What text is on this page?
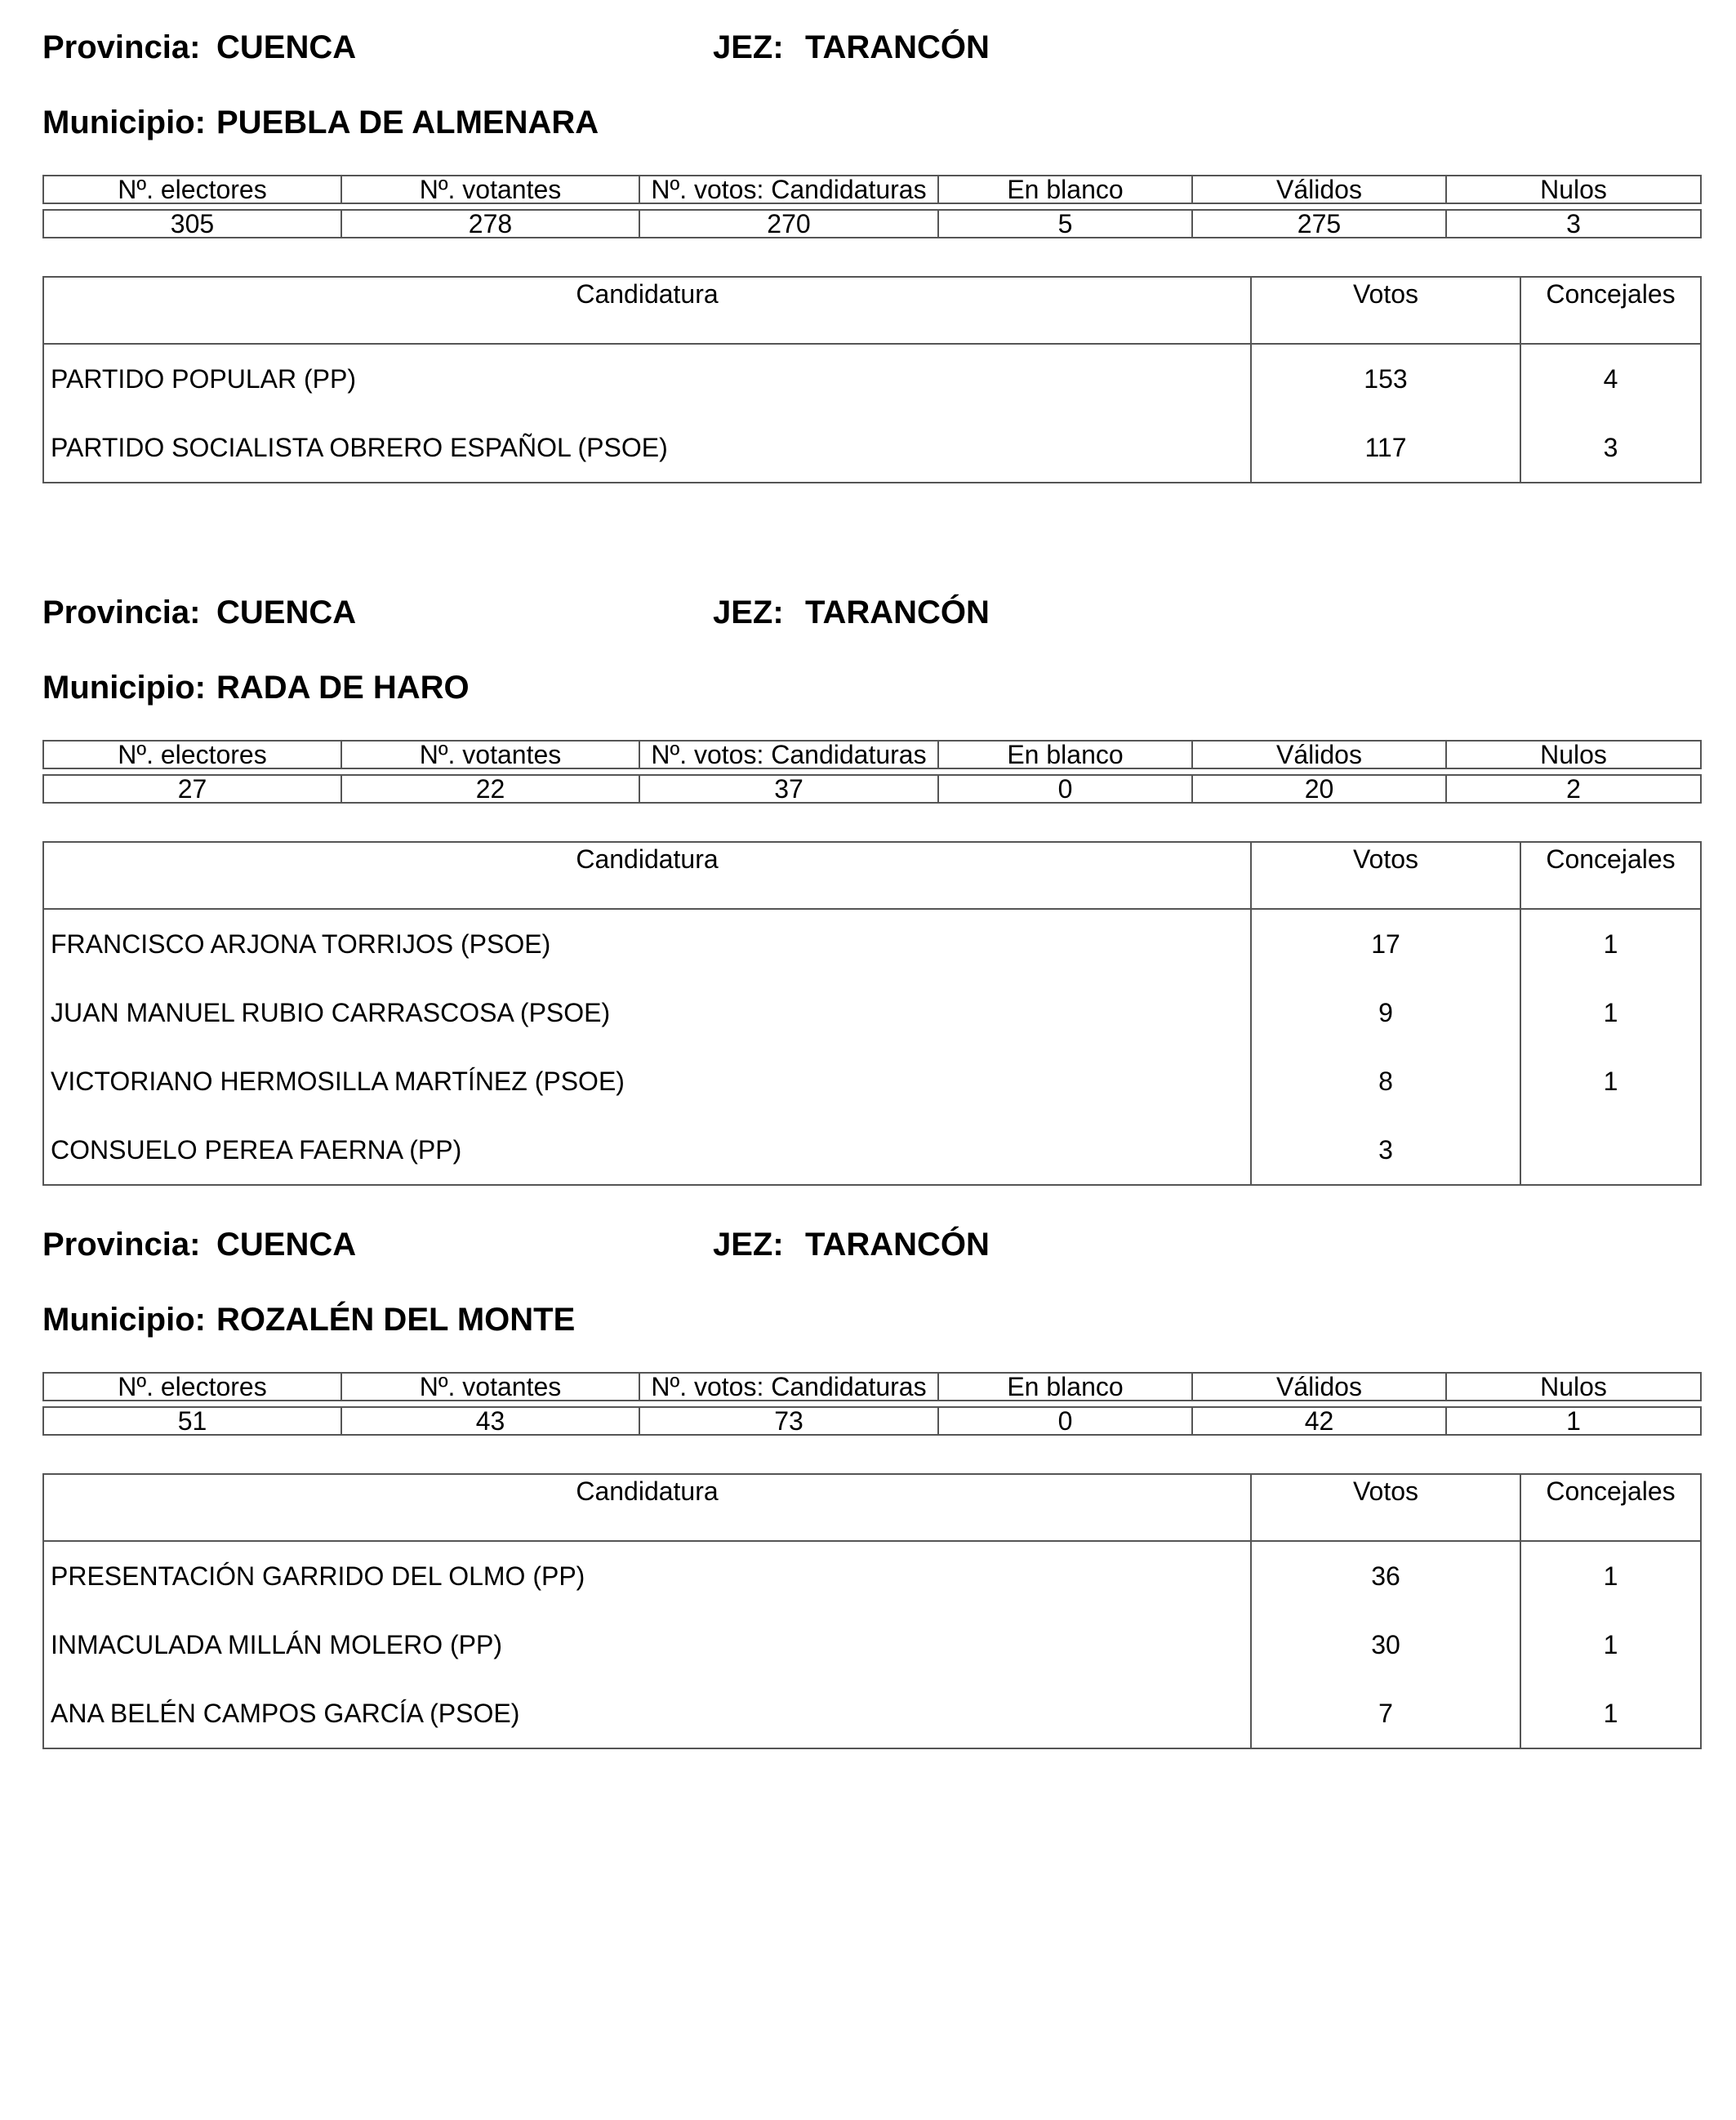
Provincia: CUENCA	JEZ: TARANCÓN
Municipio: PUEBLA DE ALMENARA
Nº. electores	Nº. votantes	Nº. votos: Candidaturas	En blanco	Válidos	Nulos

305	278	270	5	275	3
Candidatura	Votos	Concejales
PARTIDO POPULAR (PP)	153	4
PARTIDO SOCIALISTA OBRERO ESPAÑOL (PSOE)	117	3
Provincia: CUENCA	JEZ: TARANCÓN
Municipio: RADA DE HARO
Nº. electores	Nº. votantes	Nº. votos: Candidaturas	En blanco	Válidos	Nulos

27	22	37	0	20	2
Candidatura	Votos	Concejales
FRANCISCO ARJONA TORRIJOS (PSOE)	17	1
JUAN MANUEL RUBIO CARRASCOSA (PSOE)	9	1
VICTORIANO HERMOSILLA MARTÍNEZ (PSOE)	8	1
CONSUELO PEREA FAERNA (PP)	3	
Provincia: CUENCA	JEZ: TARANCÓN
Municipio: ROZALÉN DEL MONTE
Nº. electores	Nº. votantes	Nº. votos: Candidaturas	En blanco	Válidos	Nulos

51	43	73	0	42	1
Candidatura	Votos	Concejales
PRESENTACIÓN GARRIDO DEL OLMO (PP)	36	1
INMACULADA MILLÁN MOLERO (PP)	30	1
ANA BELÉN CAMPOS GARCÍA (PSOE)	7	1
